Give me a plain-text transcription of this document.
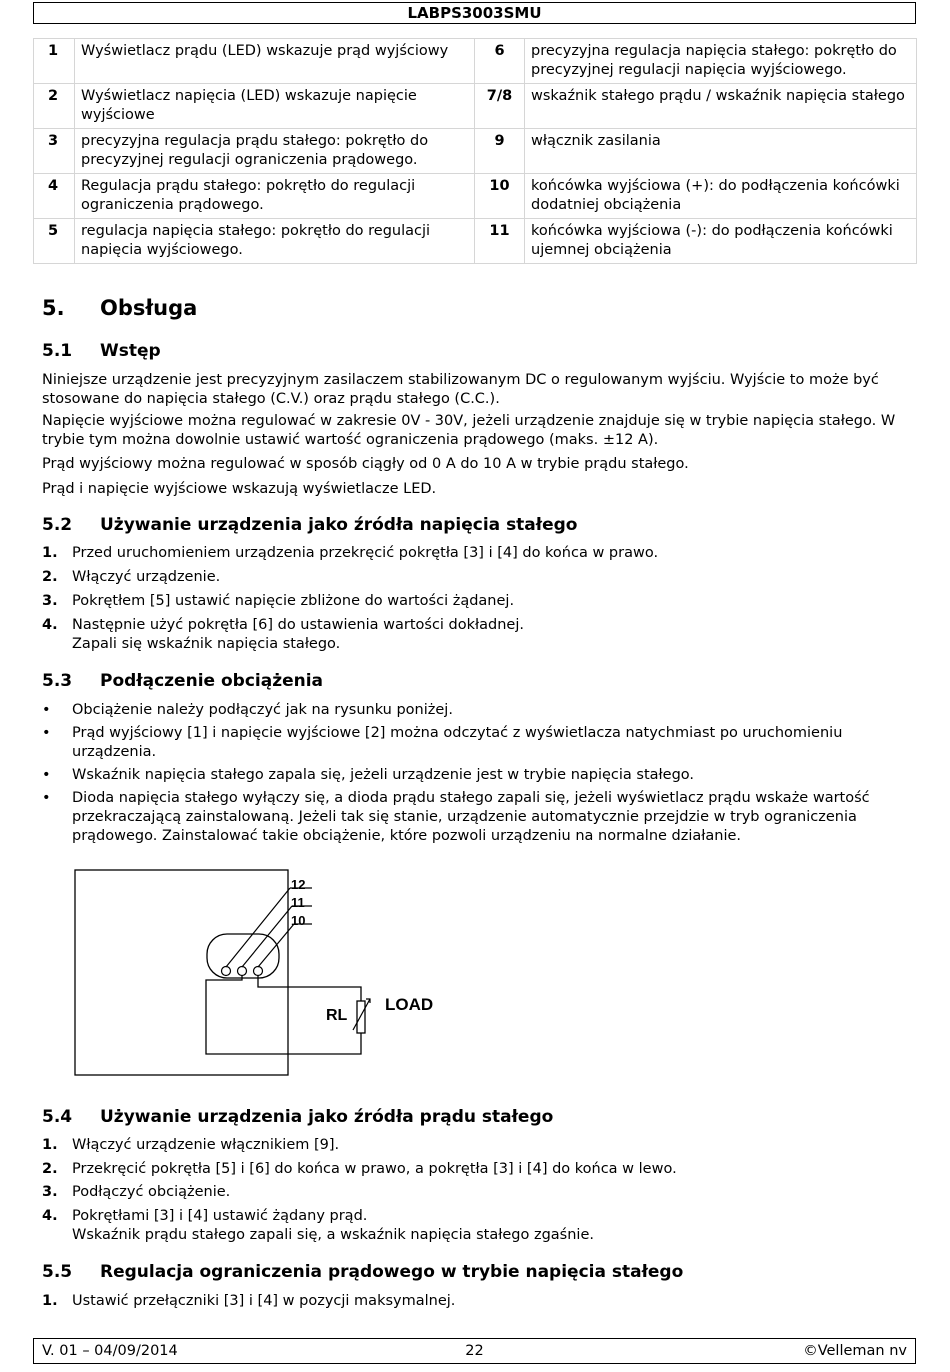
LABPS3003SMU
1	Wyświetlacz prądu (LED) wskazuje prąd wyjściowy	6	precyzyjna regulacja napięcia stałego: pokrętło do precyzyjnej regulacji napięcia wyjściowego.
2	Wyświetlacz napięcia (LED) wskazuje napięcie wyjściowe	7/8	wskaźnik stałego prądu / wskaźnik napięcia stałego
3	precyzyjna regulacja prądu stałego: pokrętło do precyzyjnej regulacji ograniczenia prądowego.	9	włącznik zasilania
4	Regulacja prądu stałego: pokrętło do regulacji ograniczenia prądowego.	10	końcówka wyjściowa (+): do podłączenia końcówki dodatniej obciążenia
5	regulacja napięcia stałego: pokrętło do regulacji napięcia wyjściowego.	11	końcówka wyjściowa (-): do podłączenia końcówki ujemnej obciążenia
5. Obsługa
5.1 Wstęp
Niniejsze urządzenie jest precyzyjnym zasilaczem stabilizowanym DC o regulowanym wyjściu. Wyjście to może być stosowane do napięcia stałego (C.V.) oraz prądu stałego (C.C.).
Napięcie wyjściowe można regulować w zakresie 0V - 30V, jeżeli urządzenie znajduje się w trybie napięcia stałego. W trybie tym można dowolnie ustawić wartość ograniczenia prądowego (maks. ±12 A).
Prąd wyjściowy można regulować w sposób ciągły od 0 A do 10 A w trybie prądu stałego.
Prąd i napięcie wyjściowe wskazują wyświetlacze LED.
5.2 Używanie urządzenia jako źródła napięcia stałego
1. Przed uruchomieniem urządzenia przekręcić pokrętła [3] i [4] do końca w prawo.
2. Włączyć urządzenie.
3. Pokrętłem [5] ustawić napięcie zbliżone do wartości żądanej.
4. Następnie użyć pokrętła [6] do ustawienia wartości dokładnej.
Zapali się wskaźnik napięcia stałego.
5.3 Podłączenie obciążenia
• Obciążenie należy podłączyć jak na rysunku poniżej.
• Prąd wyjściowy [1] i napięcie wyjściowe [2] można odczytać z wyświetlacza natychmiast po uruchomieniu urządzenia.
• Wskaźnik napięcia stałego zapala się, jeżeli urządzenie jest w trybie napięcia stałego.
• Dioda napięcia stałego wyłączy się, a dioda prądu stałego zapali się, jeżeli wyświetlacz prądu wskaże wartość przekraczającą zainstalowaną. Jeżeli tak się stanie, urządzenie automatycznie przejdzie w tryb ograniczenia prądowego. Zainstalować takie obciążenie, które pozwoli urządzeniu na normalne działanie.
12
11
10
RL
LOAD
5.4 Używanie urządzenia jako źródła prądu stałego
1. Włączyć urządzenie włącznikiem [9].
2. Przekręcić pokrętła [5] i [6] do końca w prawo, a pokrętła [3] i [4] do końca w lewo.
3. Podłączyć obciążenie.
4. Pokrętłami [3] i [4] ustawić żądany prąd.
Wskaźnik prądu stałego zapali się, a wskaźnik napięcia stałego zgaśnie.
5.5 Regulacja ograniczenia prądowego w trybie napięcia stałego
1. Ustawić przełączniki [3] i [4] w pozycji maksymalnej.
V. 01 – 04/09/2014	22	©Velleman nv
